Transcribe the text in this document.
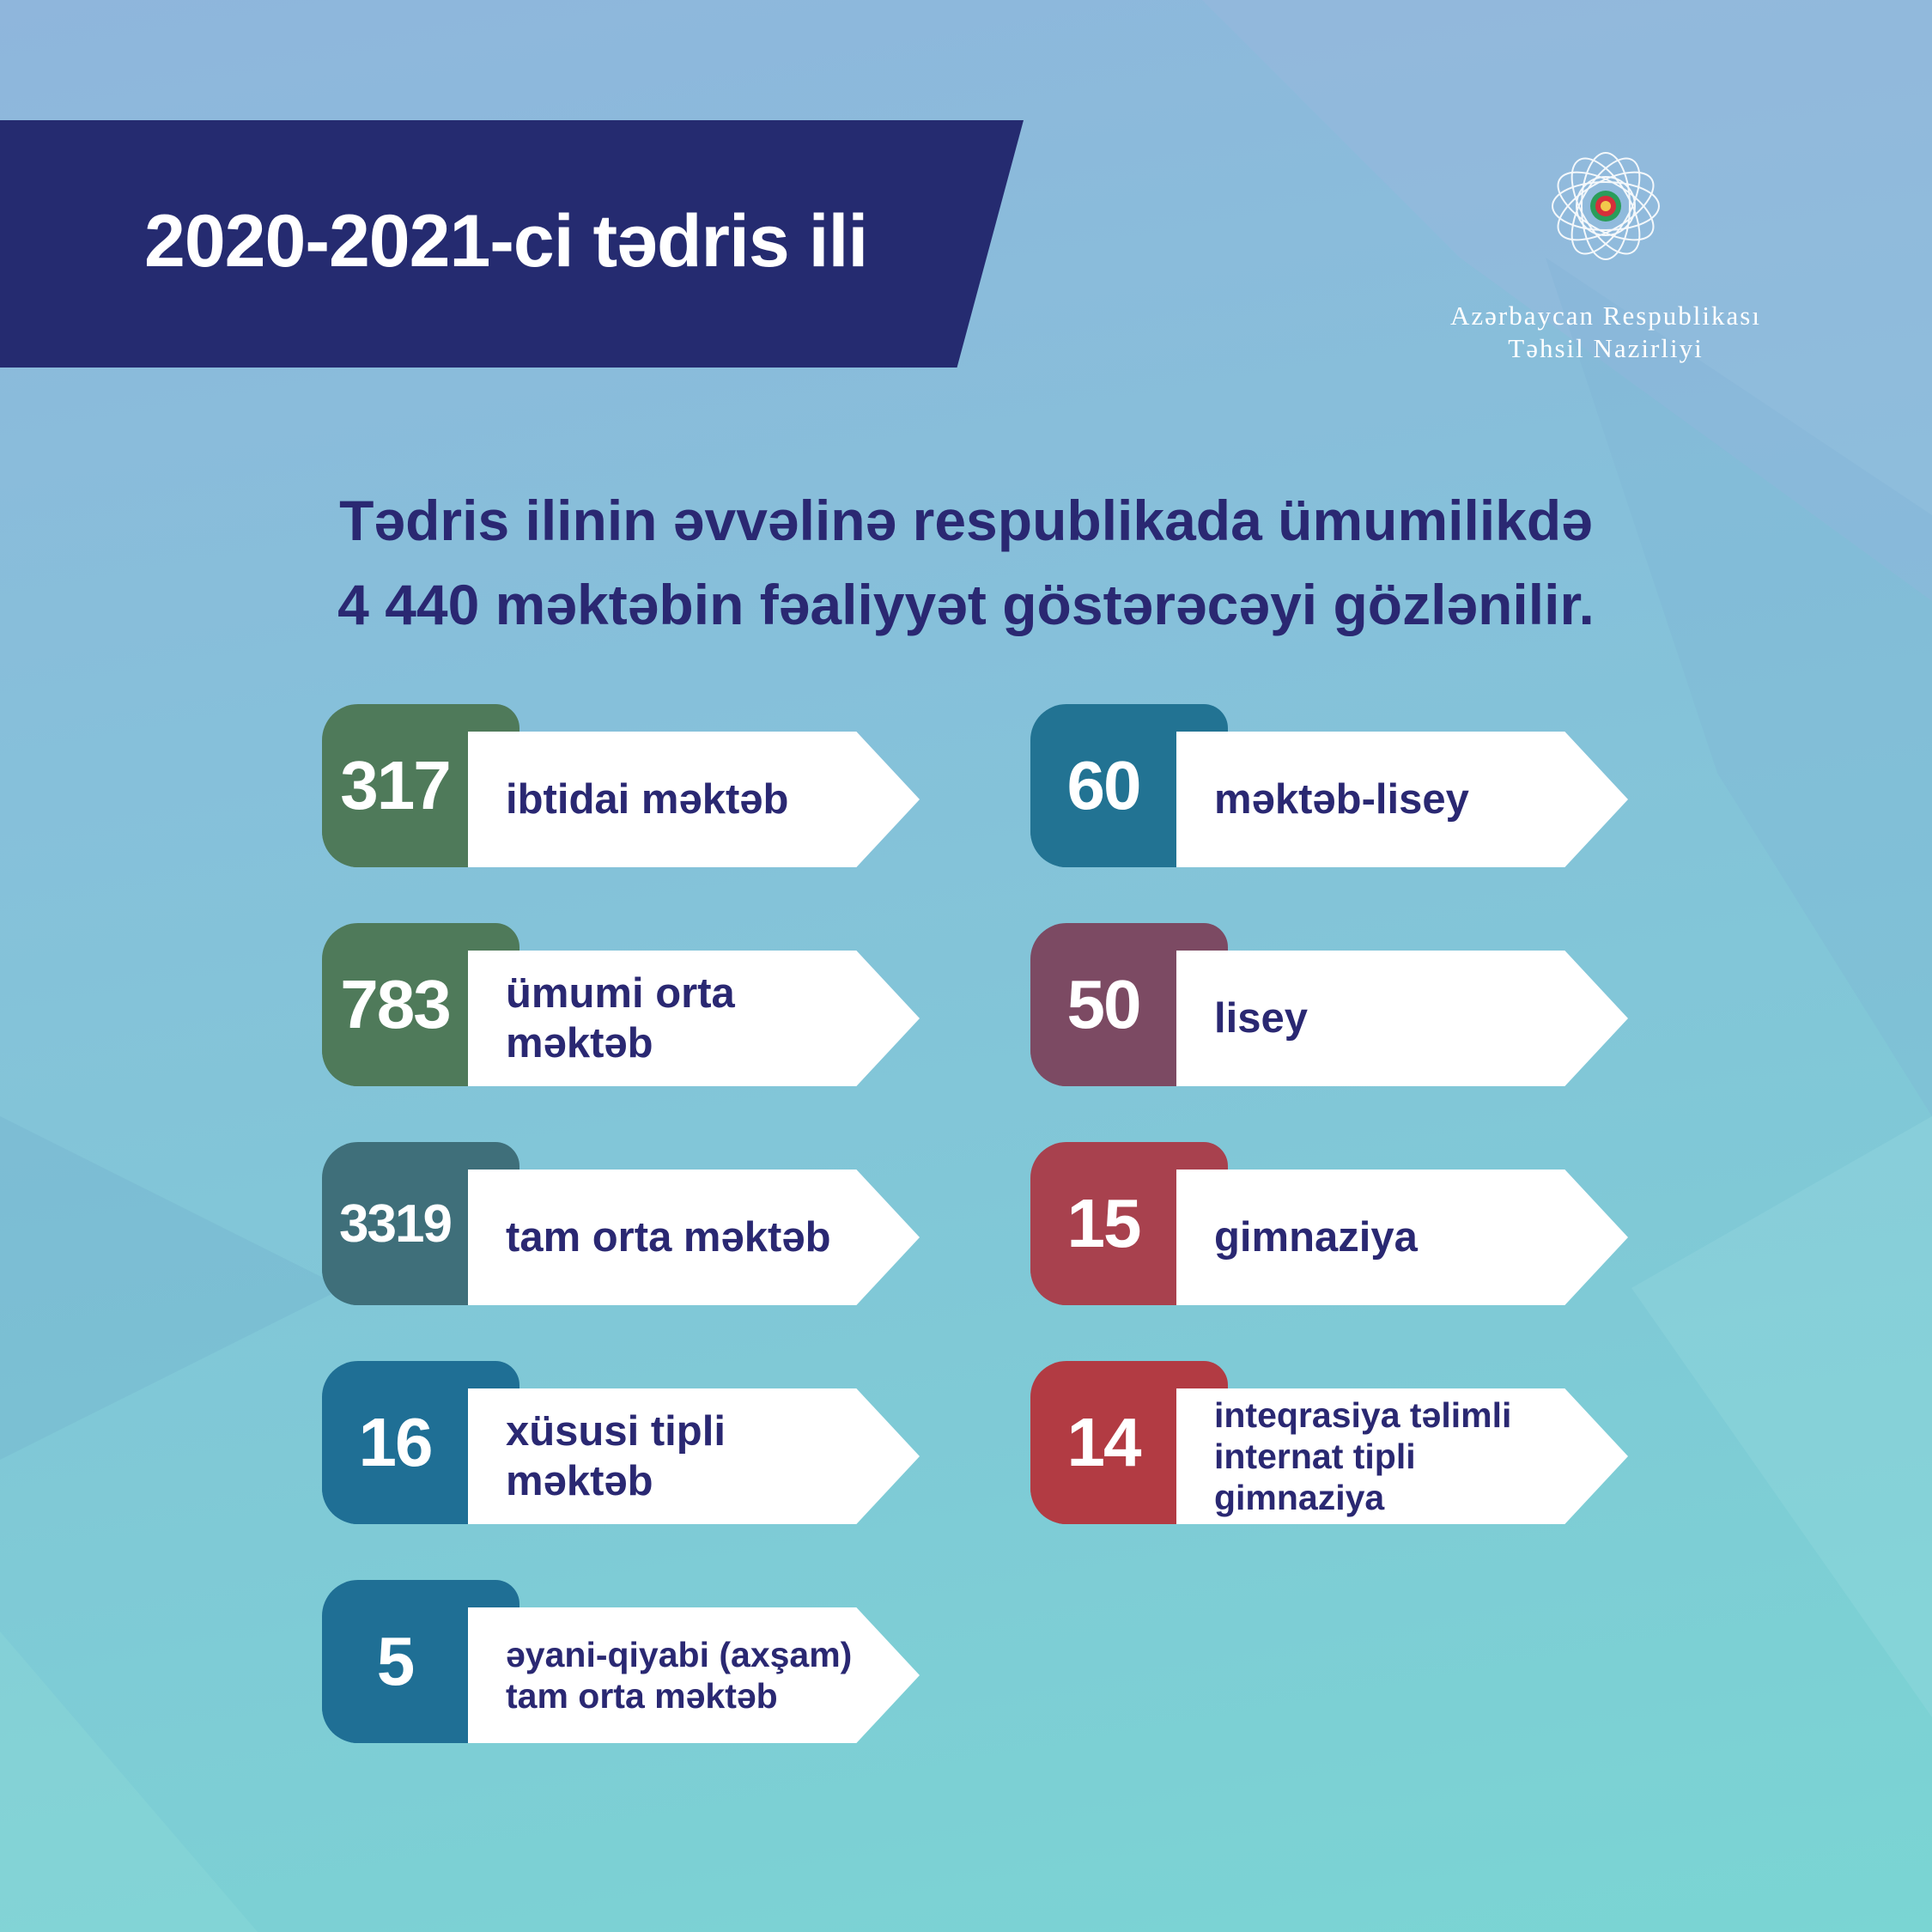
2020-2021-ci tədris ili
Azərbaycan Respublikası
Təhsil Nazirliyi
Tədris ilinin əvvəlinə respublikada ümumilikdə
4 440 məktəbin fəaliyyət göstərəcəyi gözlənilir.
317	ibtidai məktəb
783	ümumi orta məktəb
3319	tam orta məktəb
16	xüsusi tipli məktəb
5	əyani-qiyabi (axşam) tam orta məktəb
60	məktəb-lisey
50	lisey
15	gimnaziya
14	inteqrasiya təlimli internat tipli gimnaziya
